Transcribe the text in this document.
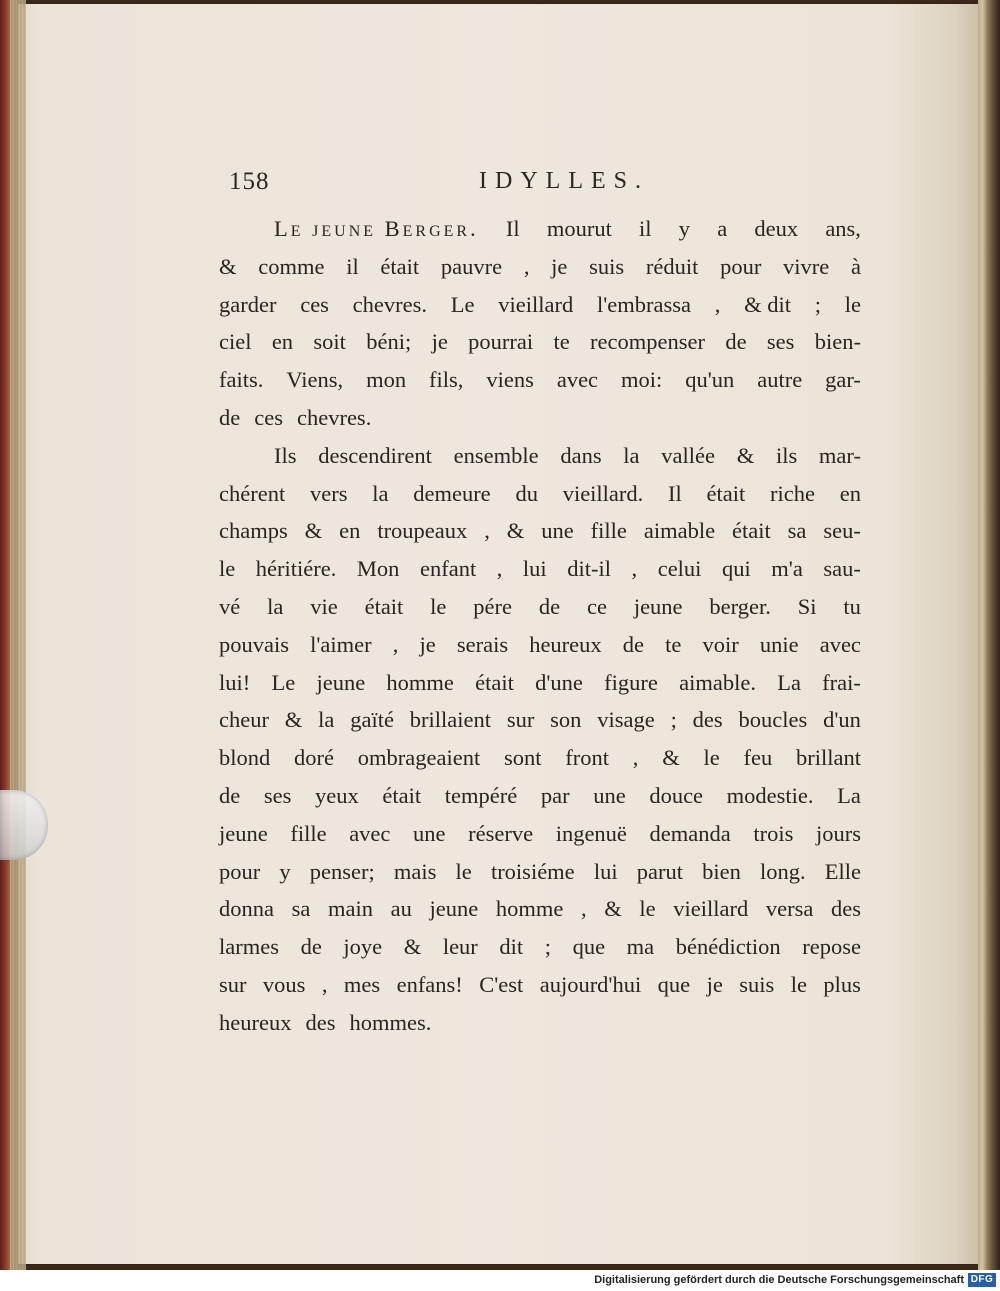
158	IDYLLES.
Le jeune Berger. Il mourut il y a deux ans,
& comme il était pauvre , je suis réduit pour vivre à
garder ces chevres. Le vieillard l'embrassa , & dit ; le
ciel en soit béni; je pourrai te recompenser de ses bien-
faits. Viens, mon fils, viens avec moi: qu'un autre gar-
de ces chevres.
Ils descendirent ensemble dans la vallée & ils mar-
chérent vers la demeure du vieillard. Il était riche en
champs & en troupeaux , & une fille aimable était sa seu-
le héritiére. Mon enfant , lui dit-il , celui qui m'a sau-
vé la vie était le pére de ce jeune berger. Si tu
pouvais l'aimer , je serais heureux de te voir unie avec
lui! Le jeune homme était d'une figure aimable. La frai-
cheur & la gaïté brillaient sur son visage ; des boucles d'un
blond doré ombrageaient sont front , & le feu brillant
de ses yeux était tempéré par une douce modestie. La
jeune fille avec une réserve ingenuë demanda trois jours
pour y penser; mais le troisiéme lui parut bien long. Elle
donna sa main au jeune homme , & le vieillard versa des
larmes de joye & leur dit ; que ma bénédiction repose
sur vous , mes enfans! C'est aujourd'hui que je suis le plus
heureux des hommes.
Digitalisierung gefördert durch die Deutsche Forschungsgemeinschaft DFG
